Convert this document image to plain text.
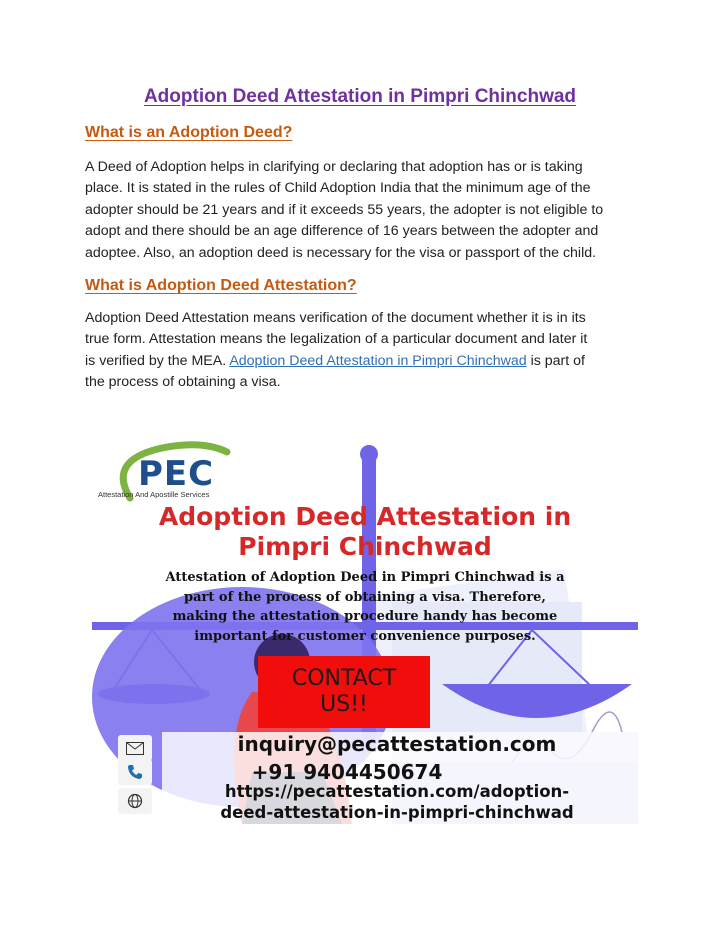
Adoption Deed Attestation in Pimpri Chinchwad
What is an Adoption Deed?
A Deed of Adoption helps in clarifying or declaring that adoption has or is taking
place. It is stated in the rules of Child Adoption India that the minimum age of the
adopter should be 21 years and if it exceeds 55 years, the adopter is not eligible to
adopt and there should be an age difference of 16 years between the adopter and
adoptee. Also, an adoption deed is necessary for the visa or passport of the child.
What is Adoption Deed Attestation?
Adoption Deed Attestation means verification of the document whether it is in its
true form. Attestation means the legalization of a particular document and later it
is verified by the MEA. Adoption Deed Attestation in Pimpri Chinchwad is part of
the process of obtaining a visa.
PEC
Attestation And Apostille Services
Adoption Deed Attestation in
Pimpri Chinchwad
Attestation of Adoption Deed in Pimpri Chinchwad is a
part of the process of obtaining a visa. Therefore,
making the attestation procedure handy has become
important for customer convenience purposes.
CONTACT
US!!
inquiry@pecattestation.com
+91 9404450674
https://pecattestation.com/adoption-
deed-attestation-in-pimpri-chinchwad
